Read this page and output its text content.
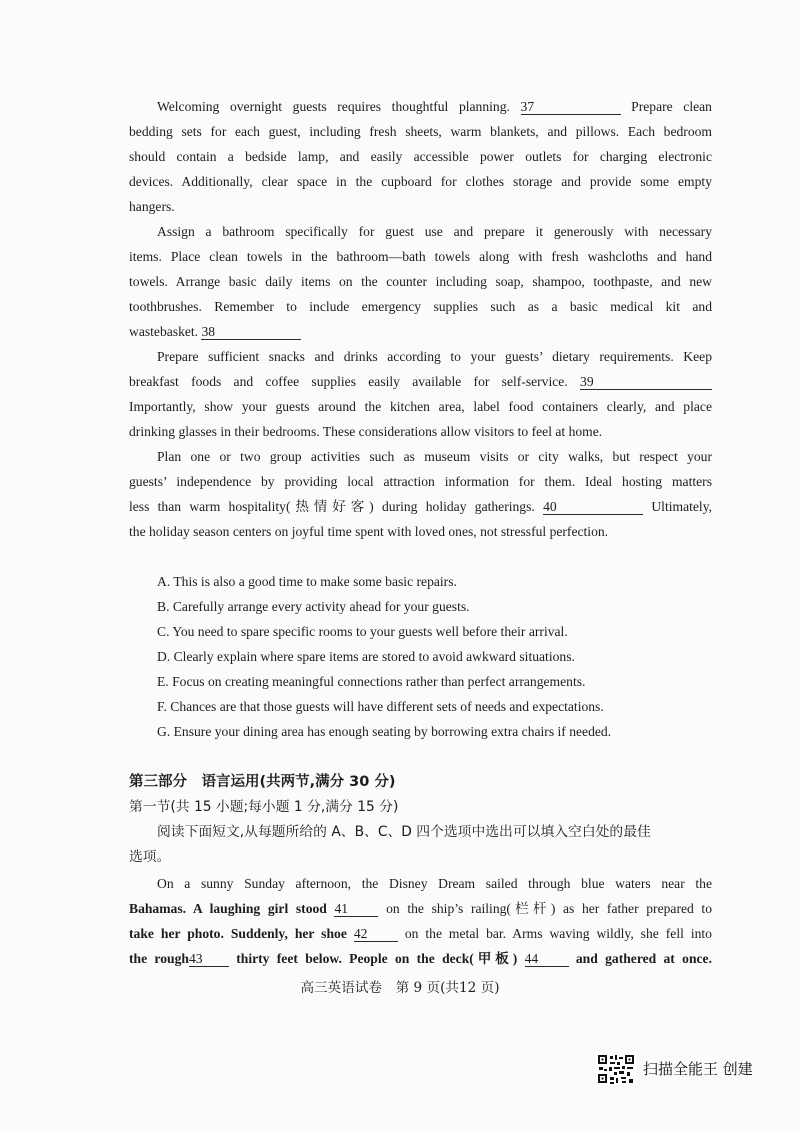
Welcoming overnight guests requires thoughtful planning. 37	Prepare clean
bedding sets for each guest, including fresh sheets, warm blankets, and pillows. Each bedroom
should contain a bedside lamp, and easily accessible power outlets for charging electronic
devices. Additionally, clear space in the cupboard for clothes storage and provide some empty
hangers.
Assign a bathroom specifically for guest use and prepare it generously with necessary
items. Place clean towels in the bathroom—bath towels along with fresh washcloths and hand
towels. Arrange basic daily items on the counter including soap, shampoo, toothpaste, and new
toothbrushes. Remember to include emergency supplies such as a basic medical kit and
wastebasket. 38
Prepare sufficient snacks and drinks according to your guests’ dietary requirements. Keep
breakfast foods and coffee supplies easily available for self-service. 39
Importantly, show your guests around the kitchen area, label food containers clearly, and place
drinking glasses in their bedrooms. These considerations allow visitors to feel at home.
Plan one or two group activities such as museum visits or city walks, but respect your
guests’ independence by providing local attraction information for them. Ideal hosting matters
less than warm hospitality(热情好客) during holiday gatherings. 40	Ultimately,
the holiday season centers on joyful time spent with loved ones, not stressful perfection.
A. This is also a good time to make some basic repairs.
B. Carefully arrange every activity ahead for your guests.
C. You need to spare specific rooms to your guests well before their arrival.
D. Clearly explain where spare items are stored to avoid awkward situations.
E. Focus on creating meaningful connections rather than perfect arrangements.
F. Chances are that those guests will have different sets of needs and expectations.
G. Ensure your dining area has enough seating by borrowing extra chairs if needed.
第三部分　语言运用(共两节,满分 30 分)
第一节(共 15 小题;每小题 1 分,满分 15 分)
阅读下面短文,从每题所给的 A、B、C、D 四个选项中选出可以填入空白处的最佳
选项。
On a sunny Sunday afternoon, the Disney Dream sailed through blue waters near the
Bahamas. A laughing girl stood 41	on the ship’s railing(栏杆) as her father prepared to
take her photo. Suddenly, her shoe 42	on the metal bar. Arms waving wildly, she fell into
the rough43 thirty feet below. People on the deck(甲板) 44	and gathered at once.
高三英语试卷　第 9 页(共12 页)
扫描全能王 创建
